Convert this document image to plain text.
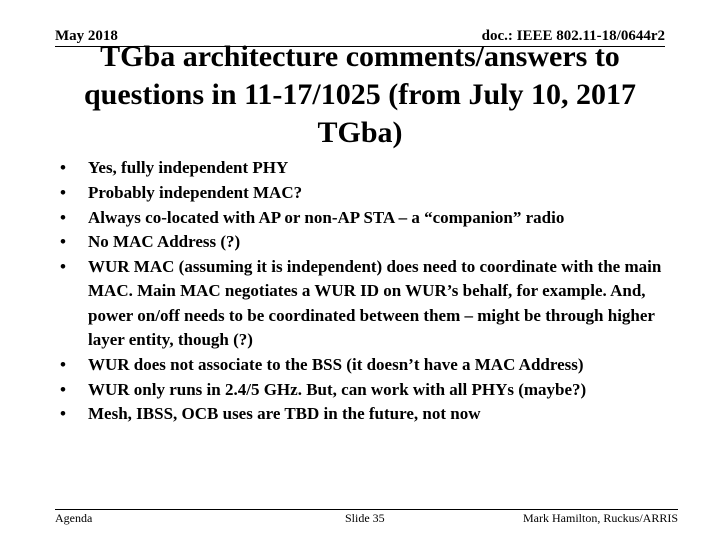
May 2018	doc.: IEEE 802.11-18/0644r2
TGba architecture comments/answers to questions in 11-17/1025 (from July 10, 2017 TGba)
• Yes, fully independent PHY
• Probably independent MAC?
• Always co-located with AP or non-AP STA – a “companion” radio
• No MAC Address (?)
• WUR MAC (assuming it is independent) does need to coordinate with the main MAC. Main MAC negotiates a WUR ID on WUR’s behalf, for example. And, power on/off needs to be coordinated between them – might be through higher layer entity, though (?)
• WUR does not associate to the BSS (it doesn’t have a MAC Address)
• WUR only runs in 2.4/5 GHz. But, can work with all PHYs (maybe?)
• Mesh, IBSS, OCB uses are TBD in the future, not now
Agenda	Slide 35	Mark Hamilton, Ruckus/ARRIS
